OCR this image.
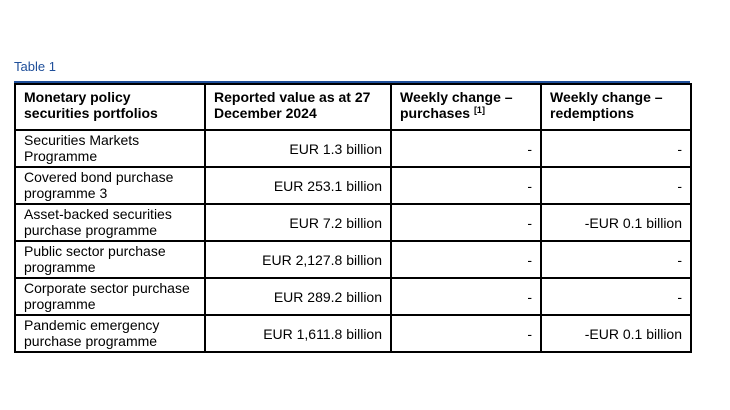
Table 1
Monetary policy securities portfolios	Reported value as at 27 December 2024	Weekly change – purchases [1]	Weekly change – redemptions
Securities Markets Programme	EUR 1.3 billion	-	-
Covered bond purchase programme 3	EUR 253.1 billion	-	-
Asset-backed securities purchase programme	EUR 7.2 billion	-	-EUR 0.1 billion
Public sector purchase programme	EUR 2,127.8 billion	-	-
Corporate sector purchase programme	EUR 289.2 billion	-	-
Pandemic emergency purchase programme	EUR 1,611.8 billion	-	-EUR 0.1 billion
